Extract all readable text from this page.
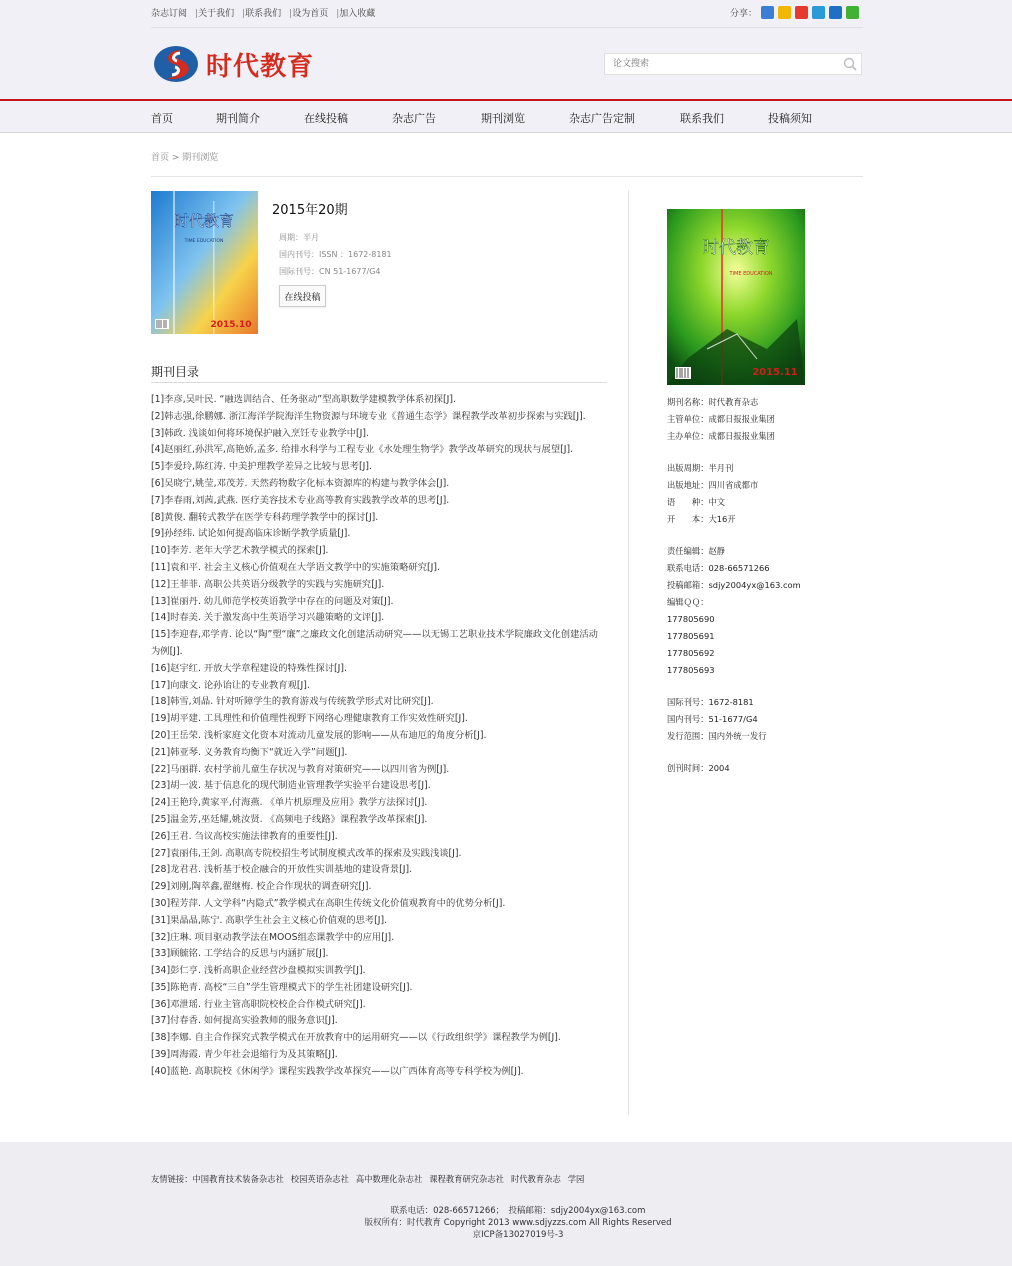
杂志订阅 |关于我们 |联系我们 |设为首页 |加入收藏	分享：
时代教育
论文搜索
首页	期刊简介	在线投稿	杂志广告	期刊浏览	杂志广告定制	联系我们	投稿须知
首页 > 期刊浏览
时代教育
TIME EDUCATION
2015.10
2015年20期
周期：半月
国内刊号：ISSN ：1672-8181
国际刊号：CN 51-1677/G4
在线投稿
期刊目录
[1]李彦,吴叶民. “融选训结合、任务驱动”型高职数学建模教学体系初探[J].
[2]韩志强,徐鹏娜. 浙江海洋学院海洋生物资源与环境专业《普通生态学》课程教学改革初步探索与实践[J].
[3]韩政. 浅谈如何将环境保护融入烹饪专业教学中[J].
[4]赵丽红,孙洪军,高艳娇,孟多. 给排水科学与工程专业《水处理生物学》教学改革研究的现状与展望[J].
[5]李爱玲,陈红涛. 中美护理教学差异之比较与思考[J].
[6]吴晓宁,姚莹,邓茂芳. 天然药物数字化标本资源库的构建与教学体会[J].
[7]李春雨,刘茜,武燕. 医疗美容技术专业高等教育实践教学改革的思考[J].
[8]黄俊. 翻转式教学在医学专科药理学教学中的探讨[J].
[9]孙经纬. 试论如何提高临床诊断学教学质量[J].
[10]李芳. 老年大学艺术教学模式的探索[J].
[11]袁和平. 社会主义核心价值观在大学语文教学中的实施策略研究[J].
[12]王菲菲. 高职公共英语分级教学的实践与实施研究[J].
[13]崔丽丹. 幼儿师范学校英语教学中存在的问题及对策[J].
[14]时春美. 关于激发高中生英语学习兴趣策略的文评[J].
[15]李迎春,邓学青. 论以“陶”塑“廉”之廉政文化创建活动研究——以无锡工艺职业技术学院廉政文化创建活动为例[J].
[16]赵宇红. 开放大学章程建设的特殊性探讨[J].
[17]向康文. 论孙诒让的专业教育观[J].
[18]韩雪,刘晶. 针对听障学生的教育游戏与传统教学形式对比研究[J].
[19]胡平建. 工具理性和价值理性视野下网络心理健康教育工作实效性研究[J].
[20]王岳荣. 浅析家庭文化资本对流动儿童发展的影响——从布迪厄的角度分析[J].
[21]韩亚琴. 义务教育均衡下“就近入学”问题[J].
[22]马丽群. 农村学前儿童生存状况与教育对策研究——以四川省为例[J].
[23]胡一波. 基于信息化的现代制造业管理教学实验平台建设思考[J].
[24]王艳玲,黄家平,付海燕. 《单片机原理及应用》教学方法探讨[J].
[25]温金芳,巫廷耀,姚汝贤. 《高频电子线路》课程教学改革探索[J].
[26]王君. 刍议高校实施法律教育的重要性[J].
[27]袁丽伟,王剑. 高职高专院校招生考试制度模式改革的探索及实践浅谈[J].
[28]龙君君. 浅析基于校企融合的开放性实训基地的建设背景[J].
[29]刘刚,陶萃鑫,翟继梅. 校企合作现状的调查研究[J].
[30]程芳萍. 人文学科“内隐式”教学模式在高职生传统文化价值观教育中的优势分析[J].
[31]果晶晶,陈宁. 高职学生社会主义核心价值观的思考[J].
[32]庄琳. 项目驱动教学法在MOOS组态课教学中的应用[J].
[33]顾毓铭. 工学结合的反思与内涵扩展[J].
[34]彭仁亨. 浅析高职企业经营沙盘模拟实训教学[J].
[35]陈艳青. 高校“三自”学生管理模式下的学生社团建设研究[J].
[36]邓泄瑶. 行业主管高职院校校企合作模式研究[J].
[37]付春香. 如何提高实验教师的服务意识[J].
[38]李娜. 自主合作探究式教学模式在开放教育中的运用研究——以《行政组织学》课程教学为例[J].
[39]周海霞. 青少年社会退缩行为及其策略[J].
[40]蓝艳. 高职院校《休闲学》课程实践教学改革探究——以广西体育高等专科学校为例[J].
时代教育
TIME EDUCATION
2015.11
期刊名称：时代教育杂志
主管单位：成都日报报业集团
主办单位：成都日报报业集团
出版周期：半月刊
出版地址：四川省成都市
语　　种：中文
开　　本：大16开
责任编辑：赵静
联系电话：028-66571266
投稿邮箱：sdjy2004yx@163.com
编辑ＱＱ：
177805690
177805691
177805692
177805693
国际刊号：1672-8181
国内刊号：51-1677/G4
发行范围：国内外统一发行
创刊时间：2004
友情链接：中国教育技术装备杂志社 校园英语杂志社 高中数理化杂志社 课程教育研究杂志社 时代教育杂志 学园
联系电话：028-66571266；　投稿邮箱：sdjy2004yx@163.com
版权所有：时代教育 Copyright 2013 www.sdjyzzs.com All Rights Reserved
京ICP备13027019号-3
